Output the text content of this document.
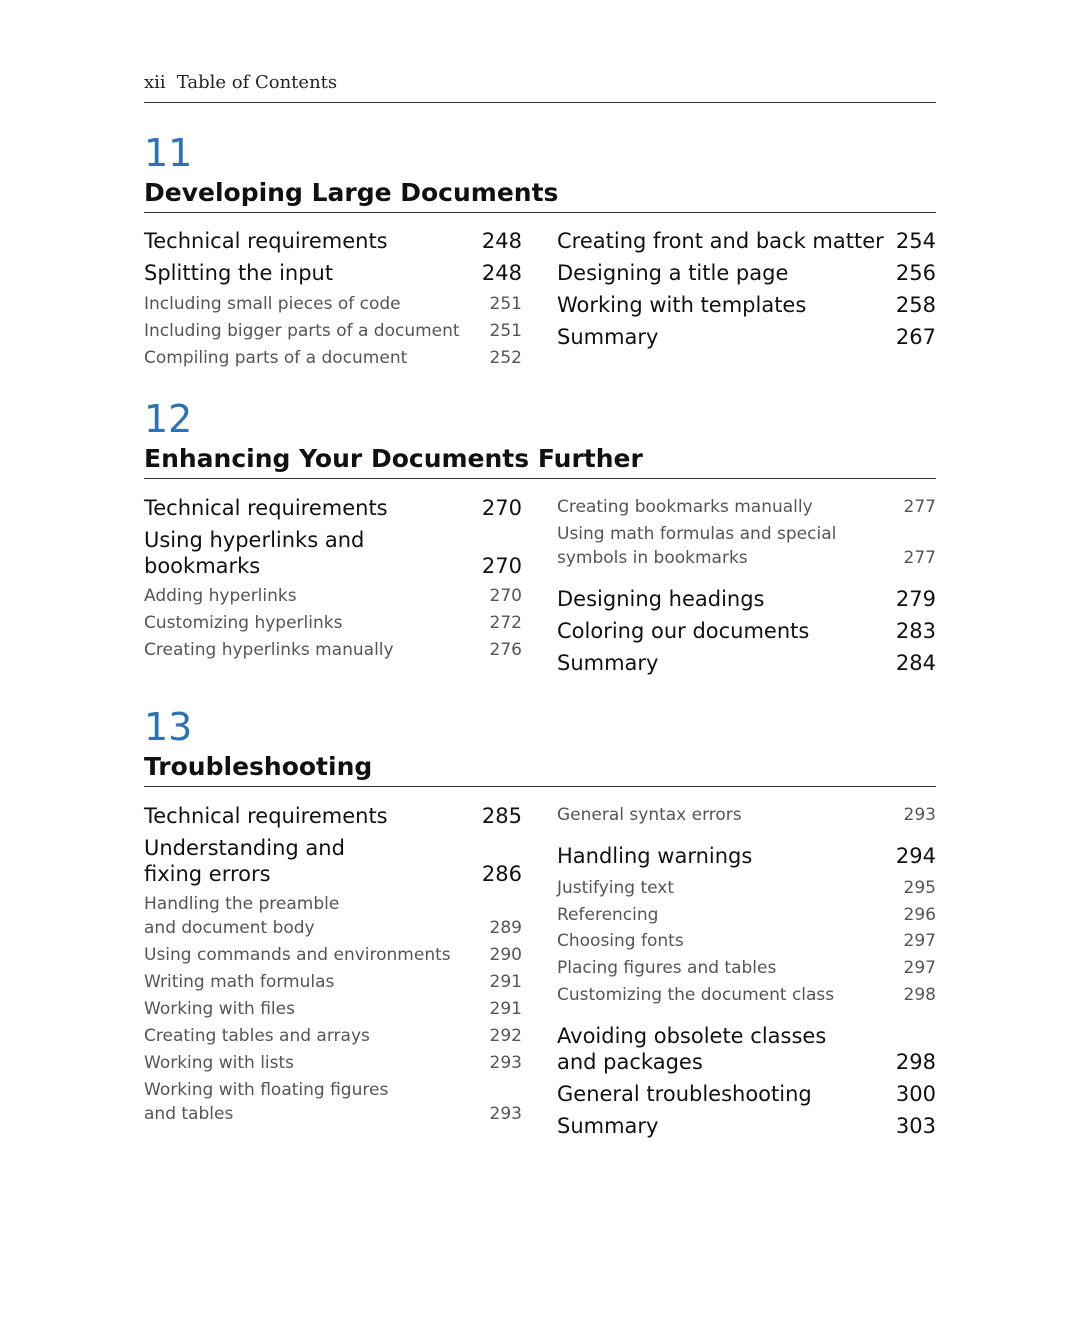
xii Table of Contents
11
Developing Large Documents
Technical requirements	248
Splitting the input	248
Including small pieces of code	251
Including bigger parts of a document 251
Compiling parts of a document	252
Creating front and back matter 254
Designing a title page	256
Working with templates	258
Summary	267
12
Enhancing Your Documents Further
Technical requirements	270
Using hyperlinks and
bookmarks	270
Adding hyperlinks	270
Customizing hyperlinks	272
Creating hyperlinks manually	276
Creating bookmarks manually	277
Using math formulas and special
symbols in bookmarks	277
Designing headings	279
Coloring our documents	283
Summary	284
13
Troubleshooting
Technical requirements	285
Understanding and
fixing errors	286
Handling the preamble
and document body	289
Using commands and environments 290
Writing math formulas	291
Working with files	291
Creating tables and arrays	292
Working with lists	293
Working with floating figures
and tables	293
General syntax errors	293
Handling warnings	294
Justifying text	295
Referencing	296
Choosing fonts	297
Placing figures and tables	297
Customizing the document class	298
Avoiding obsolete classes
and packages	298
General troubleshooting	300
Summary	303
